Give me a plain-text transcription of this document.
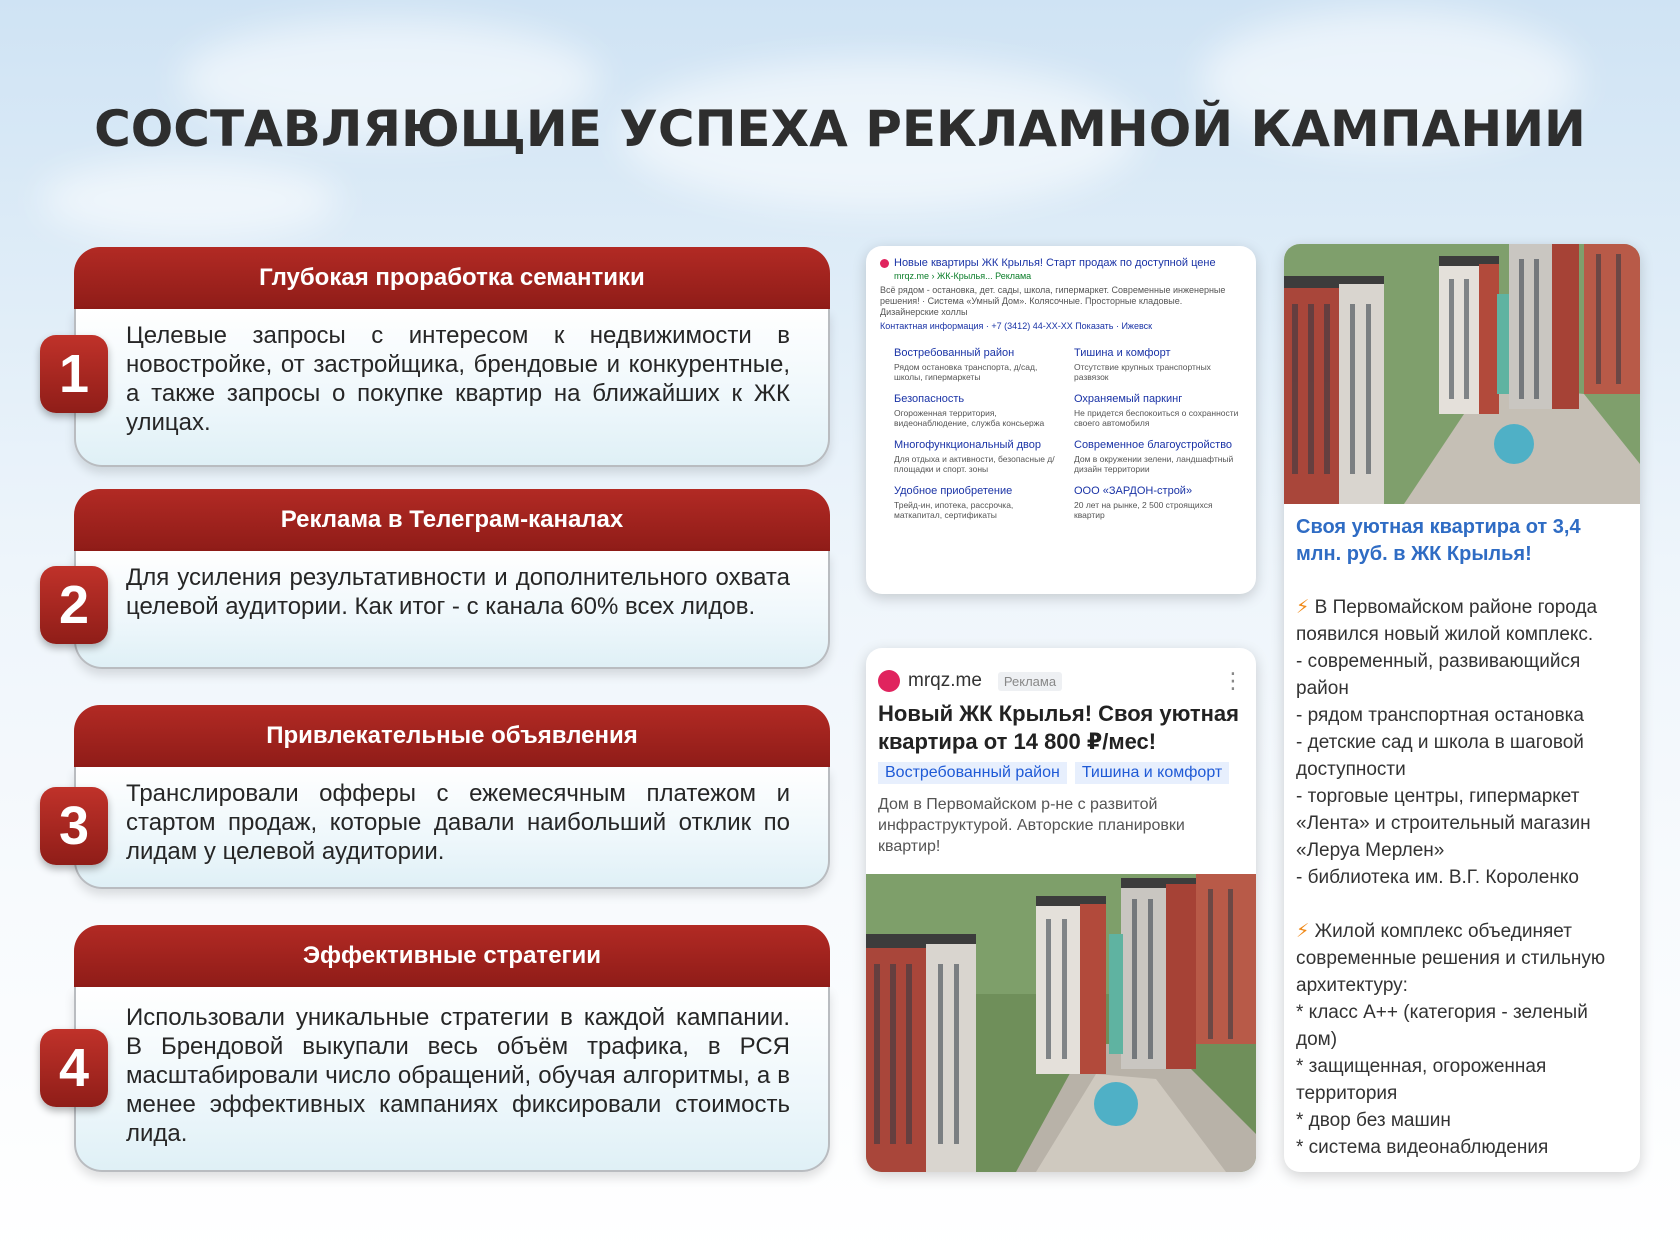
СОСТАВЛЯЮЩИЕ УСПЕХА РЕКЛАМНОЙ КАМПАНИИ
Глубокая проработка семантики
Целевые запросы с интересом к недвижимости в новостройке, от застройщика, брендовые и конкурентные, а также запросы о покупке квартир на ближайших к ЖК улицах.
1
Реклама в Телеграм-каналах
Для усиления результативности и дополнительного охвата целевой аудитории. Как итог - с канала 60% всех лидов.
2
Привлекательные объявления
Транслировали офферы с ежемесячным платежом и стартом продаж, которые давали наибольший отклик по лидам у целевой аудитории.
3
Эффективные стратегии
Использовали уникальные стратегии в каждой кампании. В Брендовой выкупали весь объём трафика, в РСЯ масштабировали число обращений, обучая алгоритмы, а в менее эффективных кампаниях фиксировали стоимость лида.
4
Новые квартиры ЖК Крылья! Старт продаж по доступной цене
mrqz.me › ЖК-Крылья... Реклама
Всё рядом - остановка, дет. сады, школа, гипермаркет. Современные инженерные решения! · Система «Умный Дом». Колясочные. Просторные кладовые. Дизайнерские холлы
Контактная информация · +7 (3412) 44-XX-XX Показать · Ижевск
Востребованный район
Рядом остановка транспорта, д/сад, школы, гипермаркеты
Тишина и комфорт
Отсутствие крупных транспортных развязок
Безопасность
Огороженная территория, видеонаблюдение, служба консьержа
Охраняемый паркинг
Не придется беспокоиться о сохранности своего автомобиля
Многофункциональный двор
Для отдыха и активности, безопасные д/площадки и спорт. зоны
Современное благоустройство
Дом в окружении зелени, ландшафтный дизайн территории
Удобное приобретение
Трейд-ин, ипотека, рассрочка, маткапитал, сертификаты
ООО «ЗАРДОН-строй»
20 лет на рынке, 2 500 строящихся квартир
mrqz.me	Реклама	⋮
Новый ЖК Крылья! Своя уютная квартира от 14 800 ₽/мес!
Востребованный район	Тишина и комфорт
Дом в Первомайском р-не с развитой инфраструктурой. Авторские планировки квартир!
Своя уютная квартира от 3,4 млн. руб. в ЖК Крылья!

⚡ В Первомайском районе города появился новый жилой комплекс.

- современный, развивающийся район

- рядом транспортная остановка

- детские сад и школа в шаговой доступности

- торговые центры, гипермаркет «Лента» и строительный магазин «Леруа Мерлен»

- библиотека им. В.Г. Короленко

⚡ Жилой комплекс объединяет современные решения и стильную архитектуру:

* класс А++ (категория - зеленый дом)

* защищенная, огороженная территория

* двор без машин

* система видеонаблюдения
